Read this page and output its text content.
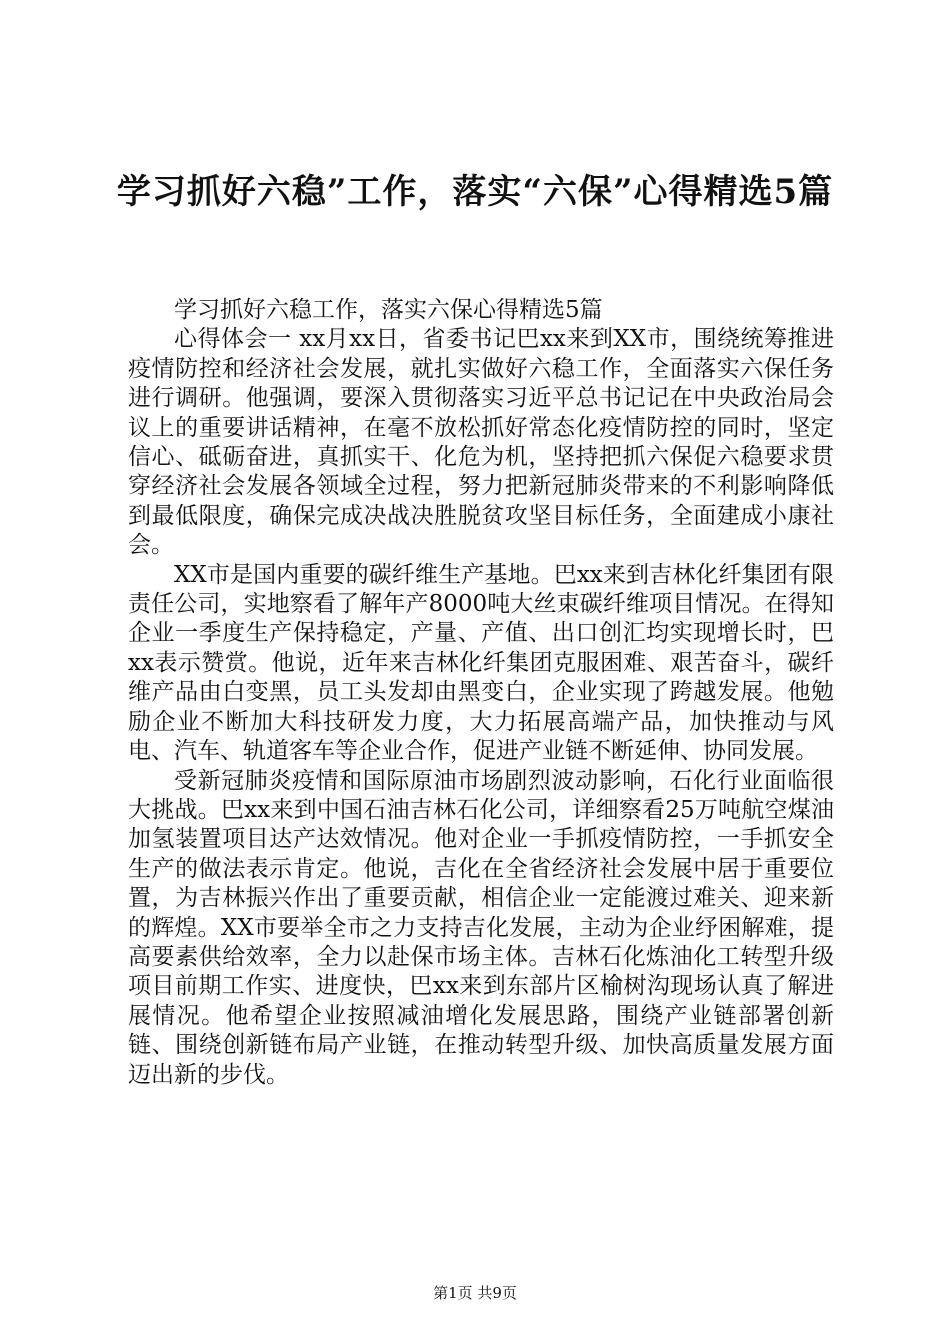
学习抓好六稳”工作，落实“六保”心得精选5篇

学习抓好六稳工作，落实六保心得精选5篇

心得体会一 xx月xx日，省委书记巴xx来到XX市，围绕统筹推进疫情防控和经济社会发展，就扎实做好六稳工作，全面落实六保任务进行调研。他强调，要深入贯彻落实习近平总书记记在中央政治局会议上的重要讲话精神，在毫不放松抓好常态化疫情防控的同时，坚定信心、砥砺奋进，真抓实干、化危为机，坚持把抓六保促六稳要求贯穿经济社会发展各领域全过程，努力把新冠肺炎带来的不利影响降低到最低限度，确保完成决战决胜脱贫攻坚目标任务，全面建成小康社会。

XX市是国内重要的碳纤维生产基地。巴xx来到吉林化纤集团有限责任公司，实地察看了解年产8000吨大丝束碳纤维项目情况。在得知企业一季度生产保持稳定，产量、产值、出口创汇均实现增长时，巴xx表示赞赏。他说，近年来吉林化纤集团克服困难、艰苦奋斗，碳纤维产品由白变黑，员工头发却由黑变白，企业实现了跨越发展。他勉励企业不断加大科技研发力度，大力拓展高端产品，加快推动与风电、汽车、轨道客车等企业合作，促进产业链不断延伸、协同发展。

受新冠肺炎疫情和国际原油市场剧烈波动影响，石化行业面临很大挑战。巴xx来到中国石油吉林石化公司，详细察看25万吨航空煤油加氢装置项目达产达效情况。他对企业一手抓疫情防控，一手抓安全生产的做法表示肯定。他说，吉化在全省经济社会发展中居于重要位置，为吉林振兴作出了重要贡献，相信企业一定能渡过难关、迎来新的辉煌。XX市要举全市之力支持吉化发展，主动为企业纾困解难，提高要素供给效率，全力以赴保市场主体。吉林石化炼油化工转型升级项目前期工作实、进度快，巴xx来到东部片区榆树沟现场认真了解进展情况。他希望企业按照减油增化发展思路，围绕产业链部署创新链、围绕创新链布局产业链，在推动转型升级、加快高质量发展方面迈出新的步伐。

第1页 共9页
